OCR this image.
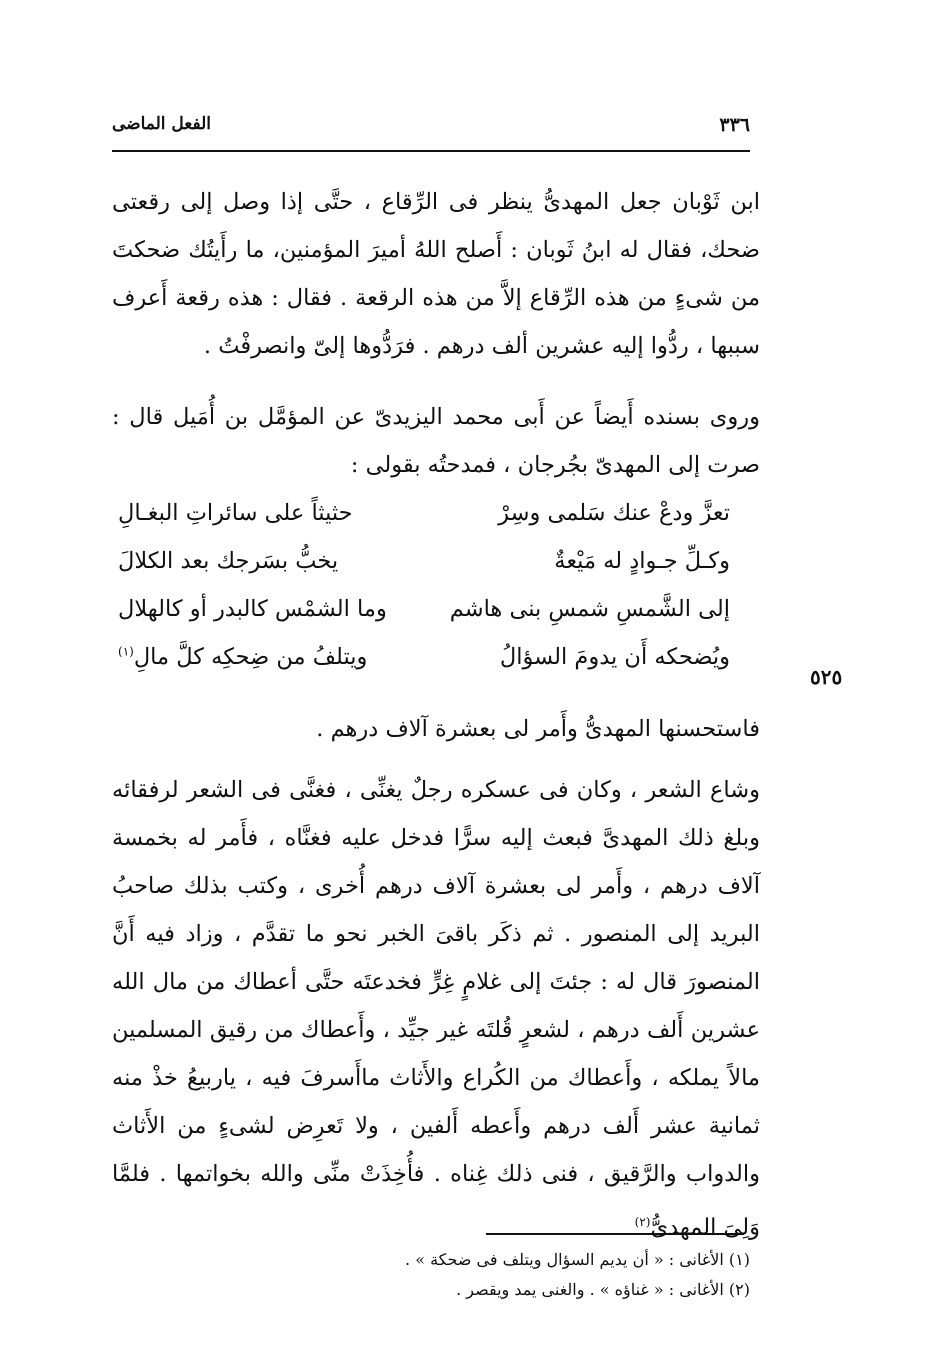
٣٣٦
الفعل الماضى

ابن ثَوْبان جعل المهدىُّ ينظر فى الرِّقاع ، حتَّى إذا وصل إلى رقعتى ضحك، فقال له ابنُ ثَوبان : أَصلح اللهُ أميرَ المؤمنين، ما رأَيتُك ضحكتَ من شىءٍ من هذه الرِّقاع إلاَّ من هذه الرقعة . فقال : هذه رقعة أَعرف سببها ، ردُّوا إليه عشرين ألف درهم . فرَدُّوها إلىّ وانصرفْتُ .

وروى بسنده أَيضاً عن أَبى محمد اليزيدىّ عن المؤمَّل بن أُمَيل قال : صرت إلى المهدىّ بجُرجان ، فمدحتُه بقولى :

تعزَّ ودعْ عنك سَلمى وسِرْ
حثيثاً على سائراتِ البغـالِ
وكـلِّ جـوادٍ له مَيْعةٌ
يخبُّ بسَرجك بعد الكلالَ
إلى الشَّمسِ شمسِ بنى هاشم
وما الشمْس كالبدر أو كالهلال
ويُضحكه أَن يدومَ السؤالُ
ويتلفُ من ضِحكِه كلَّ مالِ$^{(١)}$
٥٢٥

فاستحسنها المهدىُّ وأَمر لى بعشرة آلاف درهم .

وشاع الشعر ، وكان فى عسكره رجلٌ يغنِّى ، فغنَّى فى الشعر لرفقائه وبلغ ذلك المهدىَّ فبعث إليه سرًّا فدخل عليه فغنَّاه ، فأَمر له بخمسة آلاف درهم ، وأَمر لى بعشرة آلاف درهم أُخرى ، وكتب بذلك صاحبُ البريد إلى المنصور . ثم ذكَر باقىَ الخبر نحو ما تقدَّم ، وزاد فيه أَنَّ المنصورَ قال له : جئتَ إلى غلامٍ غِرٍّ فخدعتَه حتَّى أعطاك من مال الله عشرين أَلف درهم ، لشعرٍ قُلتَه غير جيِّد ، وأَعطاك من رقيق المسلمين مالاً يملكه ، وأَعطاك من الكُراع والأَثاث ماأَسرفَ فيه ، ياربيعُ خذْ منه ثمانية عشر أَلف درهم وأَعطه أَلفين ، ولا تَعرِض لشىءٍ من الأَثاث والدواب والرَّقيق ، فنى ذلك غِناه . فأُخِذَتْ منِّى والله بخواتمها . فلمَّا وَلِىَ المهدىُّ$^{(٢)}$

(١) الأغانى : « أن يديم السؤال ويتلف فى ضحكة » .
(٢) الأغانى : « غناؤه » . والغنى يمد ويقصر .
